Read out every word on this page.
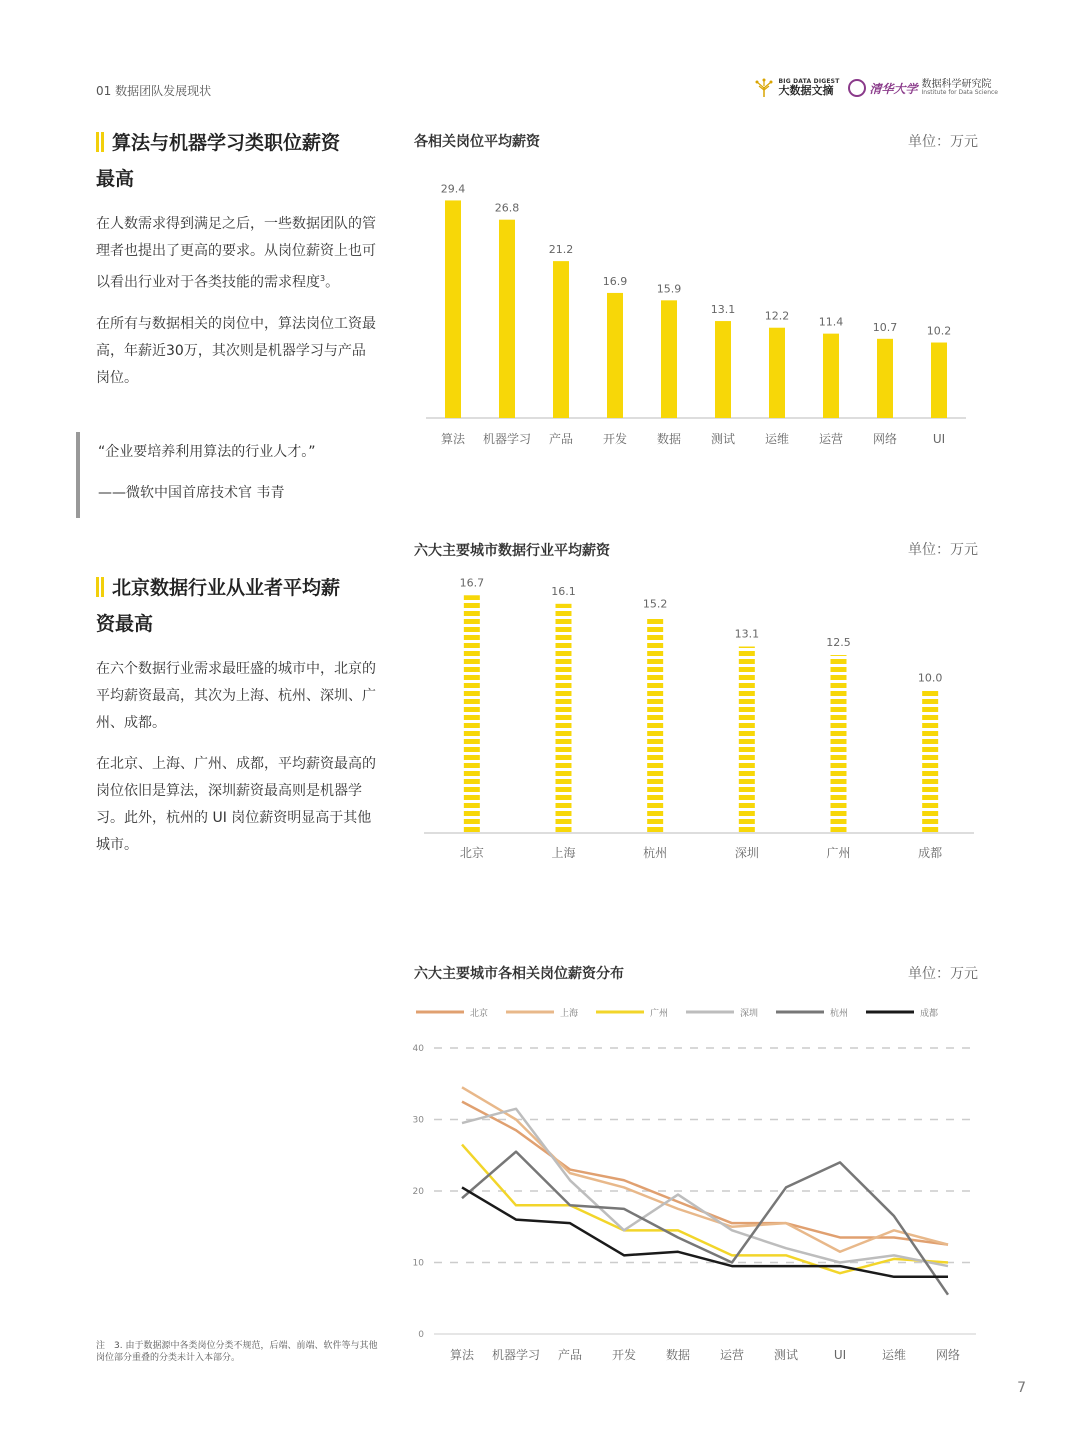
01 数据团队发展现状
BIG DATA DIGEST
大数据文摘	清华大学 数据科学研究院
Institute for Data Science
算法与机器学习类职位薪资
最高

在人数需求得到满足之后，一些数据团队的管理者也提出了更高的要求。从岗位薪资上也可以看出行业对于各类技能的需求程度$^3$。

在所有与数据相关的岗位中，算法岗位工资最高，年薪近30万，其次则是机器学习与产品岗位。

“企业要培养利用算法的行业人才。”
——微软中国首席技术官 韦青
北京数据行业从业者平均薪
资最高

在六个数据行业需求最旺盛的城市中，北京的平均薪资最高，其次为上海、杭州、深圳、广州、成都。

在北京、上海、广州、成都，平均薪资最高的岗位依旧是算法，深圳薪资最高则是机器学习。此外，杭州的 UI 岗位薪资明显高于其他城市。

各相关岗位平均薪资	单位：万元
29.4
算法
26.8
机器学习
21.2
产品
16.9
开发
15.9
数据
13.1
测试
12.2
运维
11.4
运营
10.7
网络
10.2
UI
六大主要城市数据行业平均薪资	单位：万元
16.7
北京
16.1
上海
15.2
杭州
13.1
深圳
12.5
广州
10.0
成都
六大主要城市各相关岗位薪资分布	单位：万元
北京	上海	广州	深圳	杭州	成都
0
10
20
30
40
算法 机器学习 产品 开发 数据 运营 测试	UI	运维 网络
注　3. 由于数据源中各类岗位分类不规范，后端、前端、软件等与其他岗位部分重叠的分类未计入本部分。
7
